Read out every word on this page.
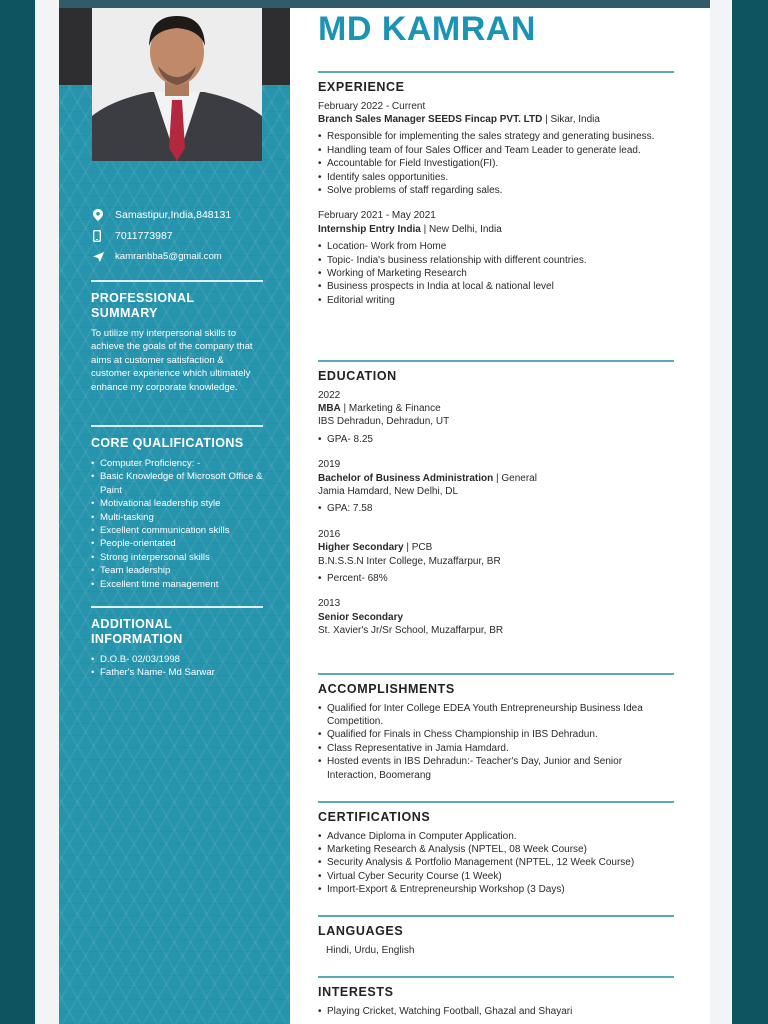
Samastipur,India,848131
7011773987
kamranbba5@gmail.com
PROFESSIONAL SUMMARY
To utilize my interpersonal skills to achieve the goals of the company that aims at customer satisfaction & customer experience which ultimately enhance my corporate knowledge.
CORE QUALIFICATIONS
• Computer Proficiency: -
• Basic Knowledge of Microsoft Office & Paint
• Motivational leadership style
• Multi-tasking
• Excellent communication skills
• People-orientated
• Strong interpersonal skills
• Team leadership
• Excellent time management
ADDITIONAL INFORMATION
• D.O.B- 02/03/1998
• Father's Name- Md Sarwar
MD KAMRAN
EXPERIENCE
February 2022 - Current
Branch Sales Manager SEEDS Fincap PVT. LTD | Sikar, India
• Responsible for implementing the sales strategy and generating business.
• Handling team of four Sales Officer and Team Leader to generate lead.
• Accountable for Field Investigation(FI).
• Identify sales opportunities.
• Solve problems of staff regarding sales.
February 2021 - May 2021
Internship Entry India | New Delhi, India
• Location- Work from Home
• Topic- India's business relationship with different countries.
• Working of Marketing Research
• Business prospects in India at local & national level
• Editorial writing
EDUCATION
2022
MBA | Marketing & Finance
IBS Dehradun, Dehradun, UT
• GPA- 8.25
2019
Bachelor of Business Administration | General
Jamia Hamdard, New Delhi, DL
• GPA: 7.58
2016
Higher Secondary | PCB
B.N.S.S.N Inter College, Muzaffarpur, BR
• Percent- 68%
2013
Senior Secondary
St. Xavier's Jr/Sr School, Muzaffarpur, BR
ACCOMPLISHMENTS
• Qualified for Inter College EDEA Youth Entrepreneurship Business Idea Competition.
• Qualified for Finals in Chess Championship in IBS Dehradun.
• Class Representative in Jamia Hamdard.
• Hosted events in IBS Dehradun:- Teacher's Day, Junior and Senior Interaction, Boomerang
CERTIFICATIONS
• Advance Diploma in Computer Application.
• Marketing Research & Analysis (NPTEL, 08 Week Course)
• Security Analysis & Portfolio Management (NPTEL, 12 Week Course)
• Virtual Cyber Security Course (1 Week)
• Import-Export & Entrepreneurship Workshop (3 Days)
LANGUAGES
Hindi, Urdu, English
INTERESTS
• Playing Cricket, Watching Football, Ghazal and Shayari
